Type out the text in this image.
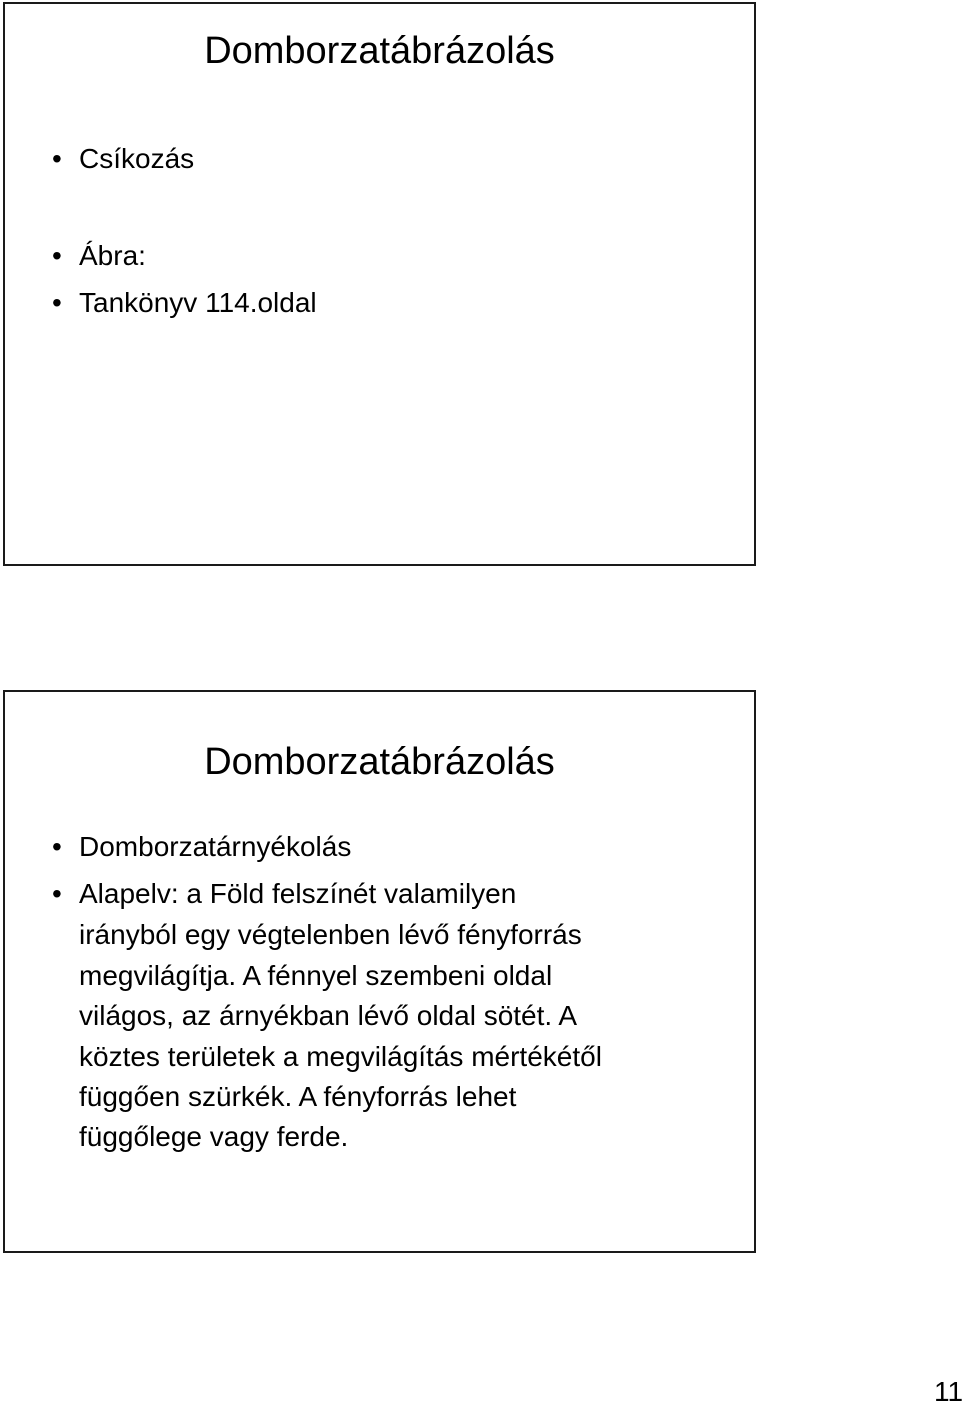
Domborzatábrázolás
• Csíkozás
• Ábra:
• Tankönyv 114.oldal
Domborzatábrázolás
• Domborzatárnyékolás
• Alapelv: a Föld felszínét valamilyen
irányból egy végtelenben lévő fényforrás
megvilágítja. A fénnyel szembeni oldal
világos, az árnyékban lévő oldal sötét. A
köztes területek a megvilágítás mértékétől
függően szürkék. A fényforrás lehet
függőlege vagy ferde.
11
